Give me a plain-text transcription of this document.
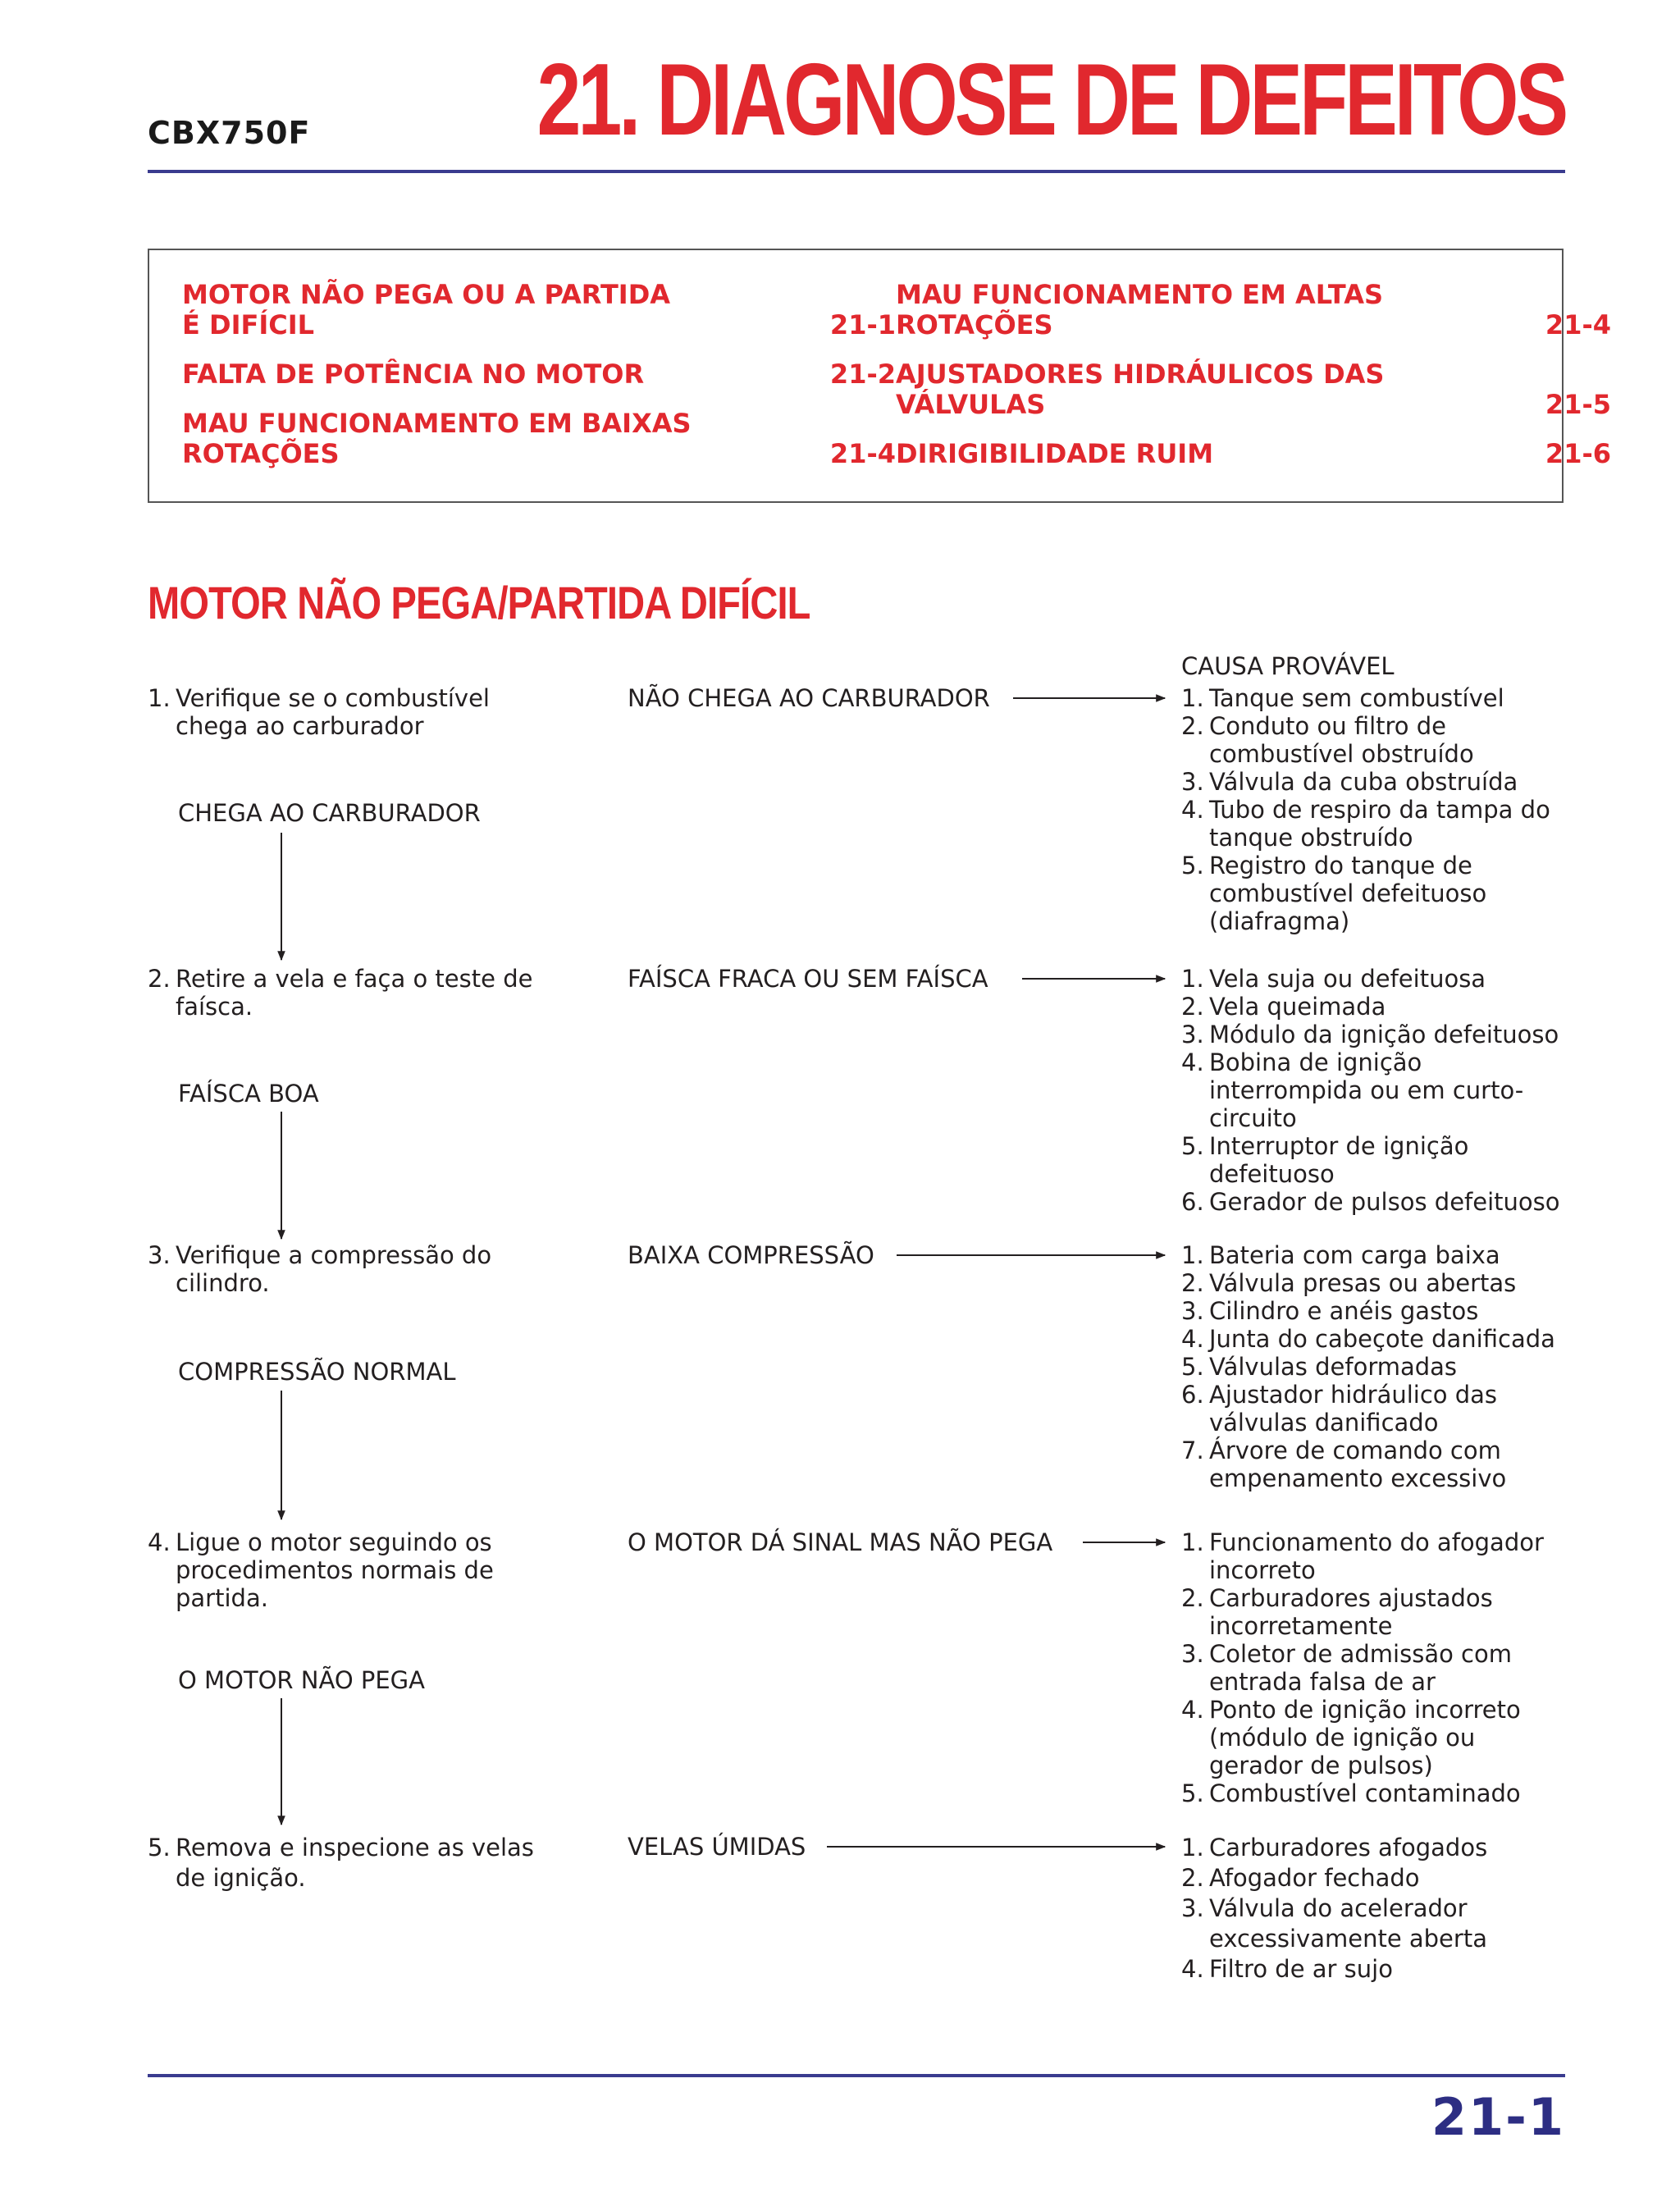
CBX750F 21. DIAGNOSE DE DEFEITOS
MOTOR NÃO PEGA OU A PARTIDA
É DIFÍCIL	21-1
FALTA DE POTÊNCIA NO MOTOR	21-2
MAU FUNCIONAMENTO EM BAIXAS
ROTAÇÕES	21-4
MAU FUNCIONAMENTO EM ALTAS
ROTAÇÕES	21-4
AJUSTADORES HIDRÁULICOS DAS
VÁLVULAS	21-5
DIRIGIBILIDADE RUIM	21-6
MOTOR NÃO PEGA/PARTIDA DIFÍCIL
CAUSA PROVÁVEL
1. Verifique se o combustível
chega ao carburador
CHEGA AO CARBURADOR
NÃO CHEGA AO CARBURADOR	1. Tanque sem combustível
2. Conduto ou filtro de
combustível obstruído
3. Válvula da cuba obstruída
4. Tubo de respiro da tampa do
tanque obstruído
5. Registro do tanque de
combustível defeituoso
(diafragma)
2. Retire a vela e faça o teste de
faísca.
FAÍSCA BOA
FAÍSCA FRACA OU SEM FAÍSCA	1. Vela suja ou defeituosa
2. Vela queimada
3. Módulo da ignição defeituoso
4. Bobina de ignição
interrompida ou em curto-
circuito
5. Interruptor de ignição
defeituoso
6. Gerador de pulsos defeituoso
3. Verifique a compressão do
cilindro.
COMPRESSÃO NORMAL
BAIXA COMPRESSÃO	1. Bateria com carga baixa
2. Válvula presas ou abertas
3. Cilindro e anéis gastos
4. Junta do cabeçote danificada
5. Válvulas deformadas
6. Ajustador hidráulico das
válvulas danificado
7. Árvore de comando com
empenamento excessivo
4. Ligue o motor seguindo os
procedimentos normais de
partida.
O MOTOR NÃO PEGA
O MOTOR DÁ SINAL MAS NÃO PEGA	1. Funcionamento do afogador
incorreto
2. Carburadores ajustados
incorretamente
3. Coletor de admissão com
entrada falsa de ar
4. Ponto de ignição incorreto
(módulo de ignição ou
gerador de pulsos)
5. Combustível contaminado
5. Remova e inspecione as velas
de ignição.
VELAS ÚMIDAS	1. Carburadores afogados
2. Afogador fechado
3. Válvula do acelerador
excessivamente aberta
4. Filtro de ar sujo
21-1
